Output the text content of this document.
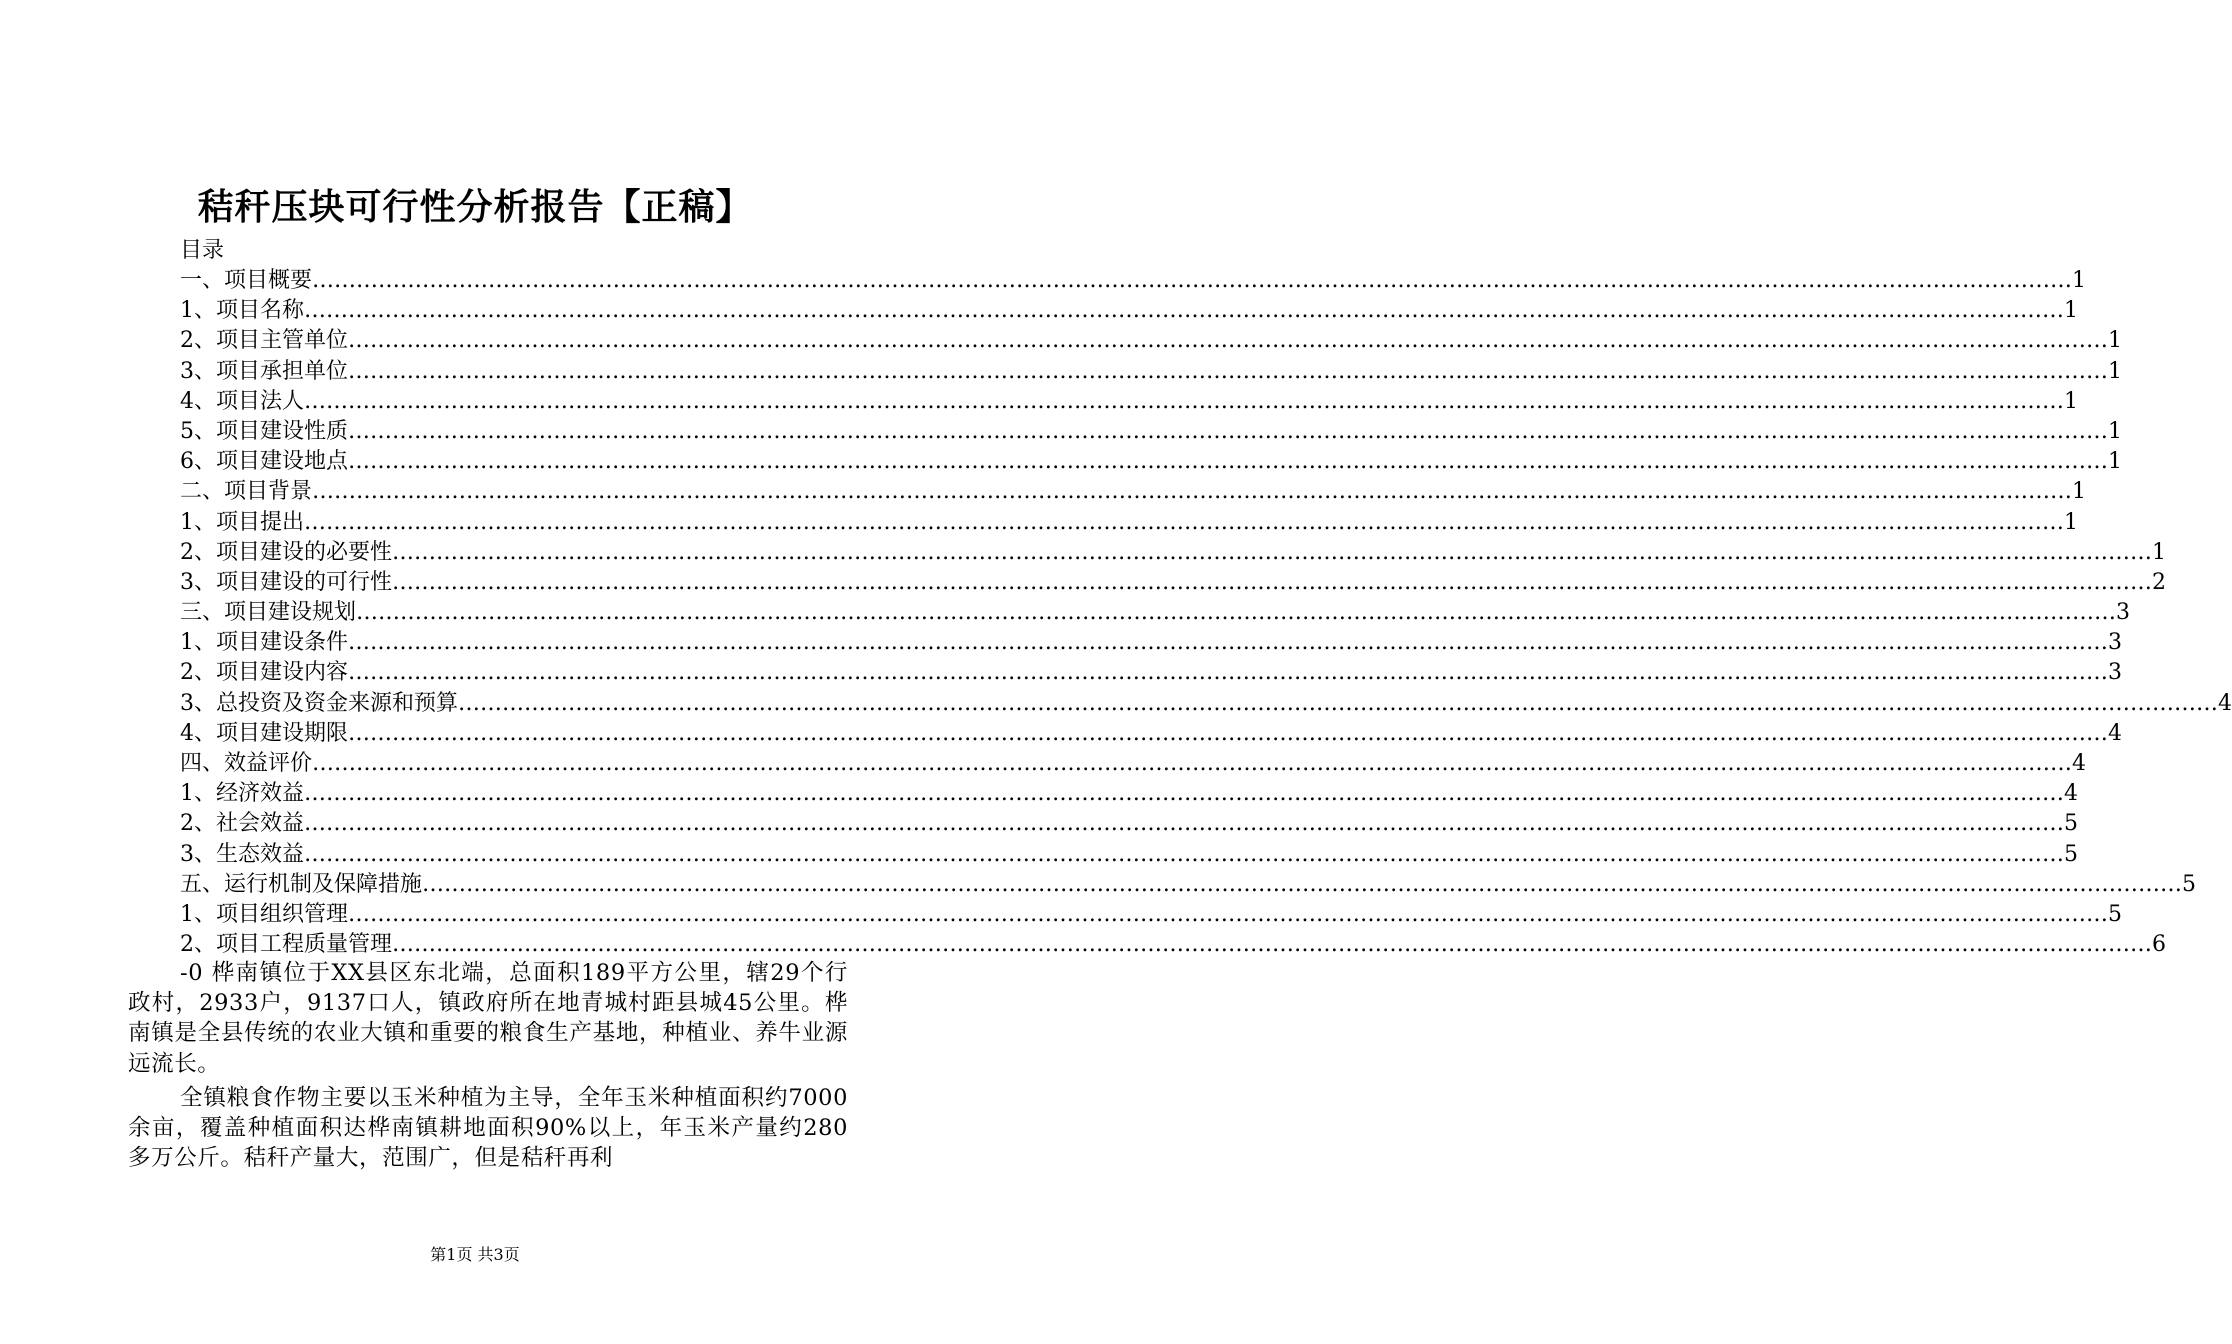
秸秆压块可行性分析报告【正稿】
目录
一、项目概要 …………………………………………………………………………………………………………………………………………………………………………………………………………………… 1
1、项目名称 …………………………………………………………………………………………………………………………………………………………………………………………………………………… 1
2、项目主管单位 …………………………………………………………………………………………………………………………………………………………………………………………………………………… 1
3、项目承担单位 …………………………………………………………………………………………………………………………………………………………………………………………………………………… 1
4、项目法人 …………………………………………………………………………………………………………………………………………………………………………………………………………………… 1
5、项目建设性质 …………………………………………………………………………………………………………………………………………………………………………………………………………………… 1
6、项目建设地点 …………………………………………………………………………………………………………………………………………………………………………………………………………………… 1
二、项目背景 …………………………………………………………………………………………………………………………………………………………………………………………………………………… 1
1、项目提出 …………………………………………………………………………………………………………………………………………………………………………………………………………………… 1
2、项目建设的必要性 …………………………………………………………………………………………………………………………………………………………………………………………………………………… 1
3、项目建设的可行性 …………………………………………………………………………………………………………………………………………………………………………………………………………………… 2
三、项目建设规划 …………………………………………………………………………………………………………………………………………………………………………………………………………………… 3
1、项目建设条件 …………………………………………………………………………………………………………………………………………………………………………………………………………………… 3
2、项目建设内容 …………………………………………………………………………………………………………………………………………………………………………………………………………………… 3
3、总投资及资金来源和预算 …………………………………………………………………………………………………………………………………………………………………………………………………………………… 4
4、项目建设期限 …………………………………………………………………………………………………………………………………………………………………………………………………………………… 4
四、效益评价 …………………………………………………………………………………………………………………………………………………………………………………………………………………… 4
1、经济效益 …………………………………………………………………………………………………………………………………………………………………………………………………………………… 4
2、社会效益 …………………………………………………………………………………………………………………………………………………………………………………………………………………… 5
3、生态效益 …………………………………………………………………………………………………………………………………………………………………………………………………………………… 5
五、运行机制及保障措施 …………………………………………………………………………………………………………………………………………………………………………………………………………………… 5
1、项目组织管理 …………………………………………………………………………………………………………………………………………………………………………………………………………………… 5
2、项目工程质量管理 …………………………………………………………………………………………………………………………………………………………………………………………………………………… 6

-0 桦南镇位于XX县区东北端，总面积189平方公里，辖29个行政村，2933户，9137口人，镇政府所在地青城村距县城45公里。桦南镇是全县传统的农业大镇和重要的粮食生产基地，种植业、养牛业源远流长。

全镇粮食作物主要以玉米种植为主导，全年玉米种植面积约7000余亩，覆盖种植面积达桦南镇耕地面积90%以上，年玉米产量约280多万公斤。秸秆产量大，范围广，但是秸秆再利

第1页 共3页
